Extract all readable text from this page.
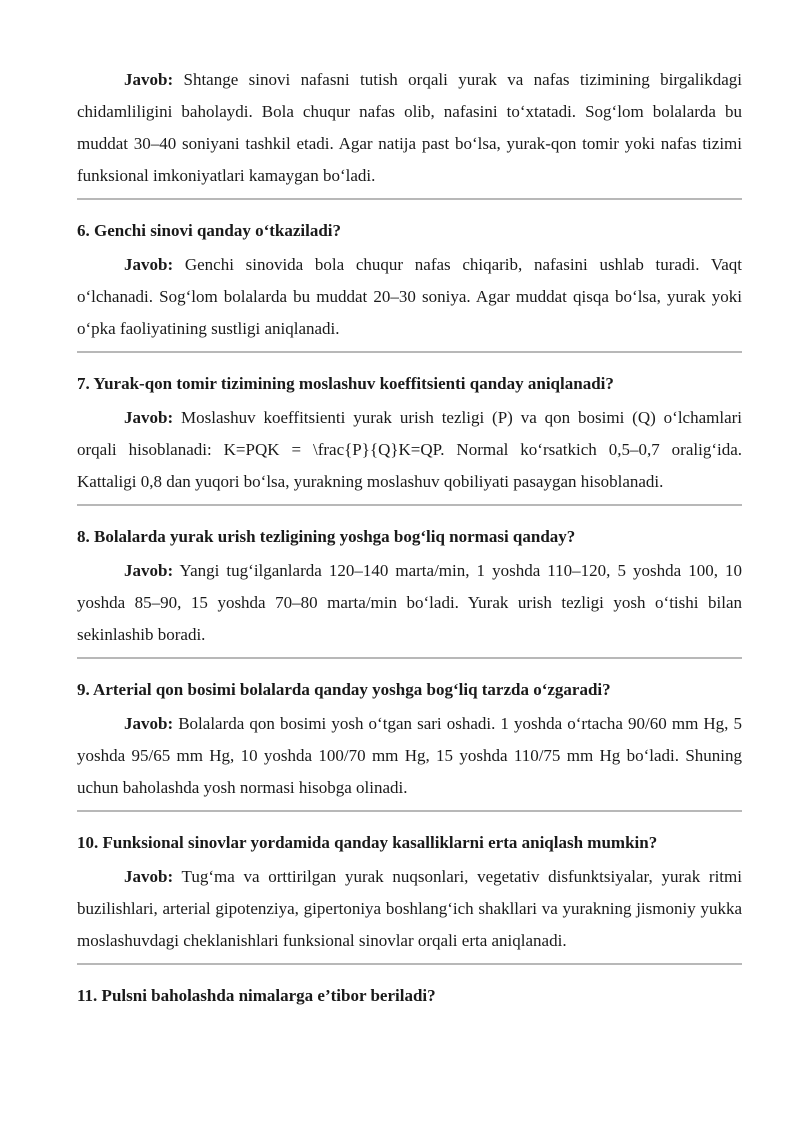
Javob: Shtange sinovi nafasni tutish orqali yurak va nafas tizimining birgalikdagi chidamliligini baholaydi. Bola chuqur nafas olib, nafasini to‘xtatadi. Sog‘lom bolalarda bu muddat 30–40 soniyani tashkil etadi. Agar natija past bo‘lsa, yurak-qon tomir yoki nafas tizimi funksional imkoniyatlari kamaygan bo‘ladi.

6. Genchi sinovi qanday o‘tkaziladi?

Javob: Genchi sinovida bola chuqur nafas chiqarib, nafasini ushlab turadi. Vaqt o‘lchanadi. Sog‘lom bolalarda bu muddat 20–30 soniya. Agar muddat qisqa bo‘lsa, yurak yoki o‘pka faoliyatining sustligi aniqlanadi.

7. Yurak-qon tomir tizimining moslashuv koeffitsienti qanday aniqlanadi?

Javob: Moslashuv koeffitsienti yurak urish tezligi (P) va qon bosimi (Q) o‘lchamlari orqali hisoblanadi: K=PQK = \frac{P}{Q}K=QP. Normal ko‘rsatkich 0,5–0,7 oralig‘ida. Kattaligi 0,8 dan yuqori bo‘lsa, yurakning moslashuv qobiliyati pasaygan hisoblanadi.

8. Bolalarda yurak urish tezligining yoshga bog‘liq normasi qanday?

Javob: Yangi tug‘ilganlarda 120–140 marta/min, 1 yoshda 110–120, 5 yoshda 100, 10 yoshda 85–90, 15 yoshda 70–80 marta/min bo‘ladi. Yurak urish tezligi yosh o‘tishi bilan sekinlashib boradi.

9. Arterial qon bosimi bolalarda qanday yoshga bog‘liq tarzda o‘zgaradi?

Javob: Bolalarda qon bosimi yosh o‘tgan sari oshadi. 1 yoshda o‘rtacha 90/60 mm Hg, 5 yoshda 95/65 mm Hg, 10 yoshda 100/70 mm Hg, 15 yoshda 110/75 mm Hg bo‘ladi. Shuning uchun baholashda yosh normasi hisobga olinadi.

10. Funksional sinovlar yordamida qanday kasalliklarni erta aniqlash mumkin?

Javob: Tug‘ma va orttirilgan yurak nuqsonlari, vegetativ disfunktsiyalar, yurak ritmi buzilishlari, arterial gipotenziya, gipertoniya boshlang‘ich shakllari va yurakning jismoniy yukka moslashuvdagi cheklanishlari funksional sinovlar orqali erta aniqlanadi.

11. Pulsni baholashda nimalarga e’tibor beriladi?
